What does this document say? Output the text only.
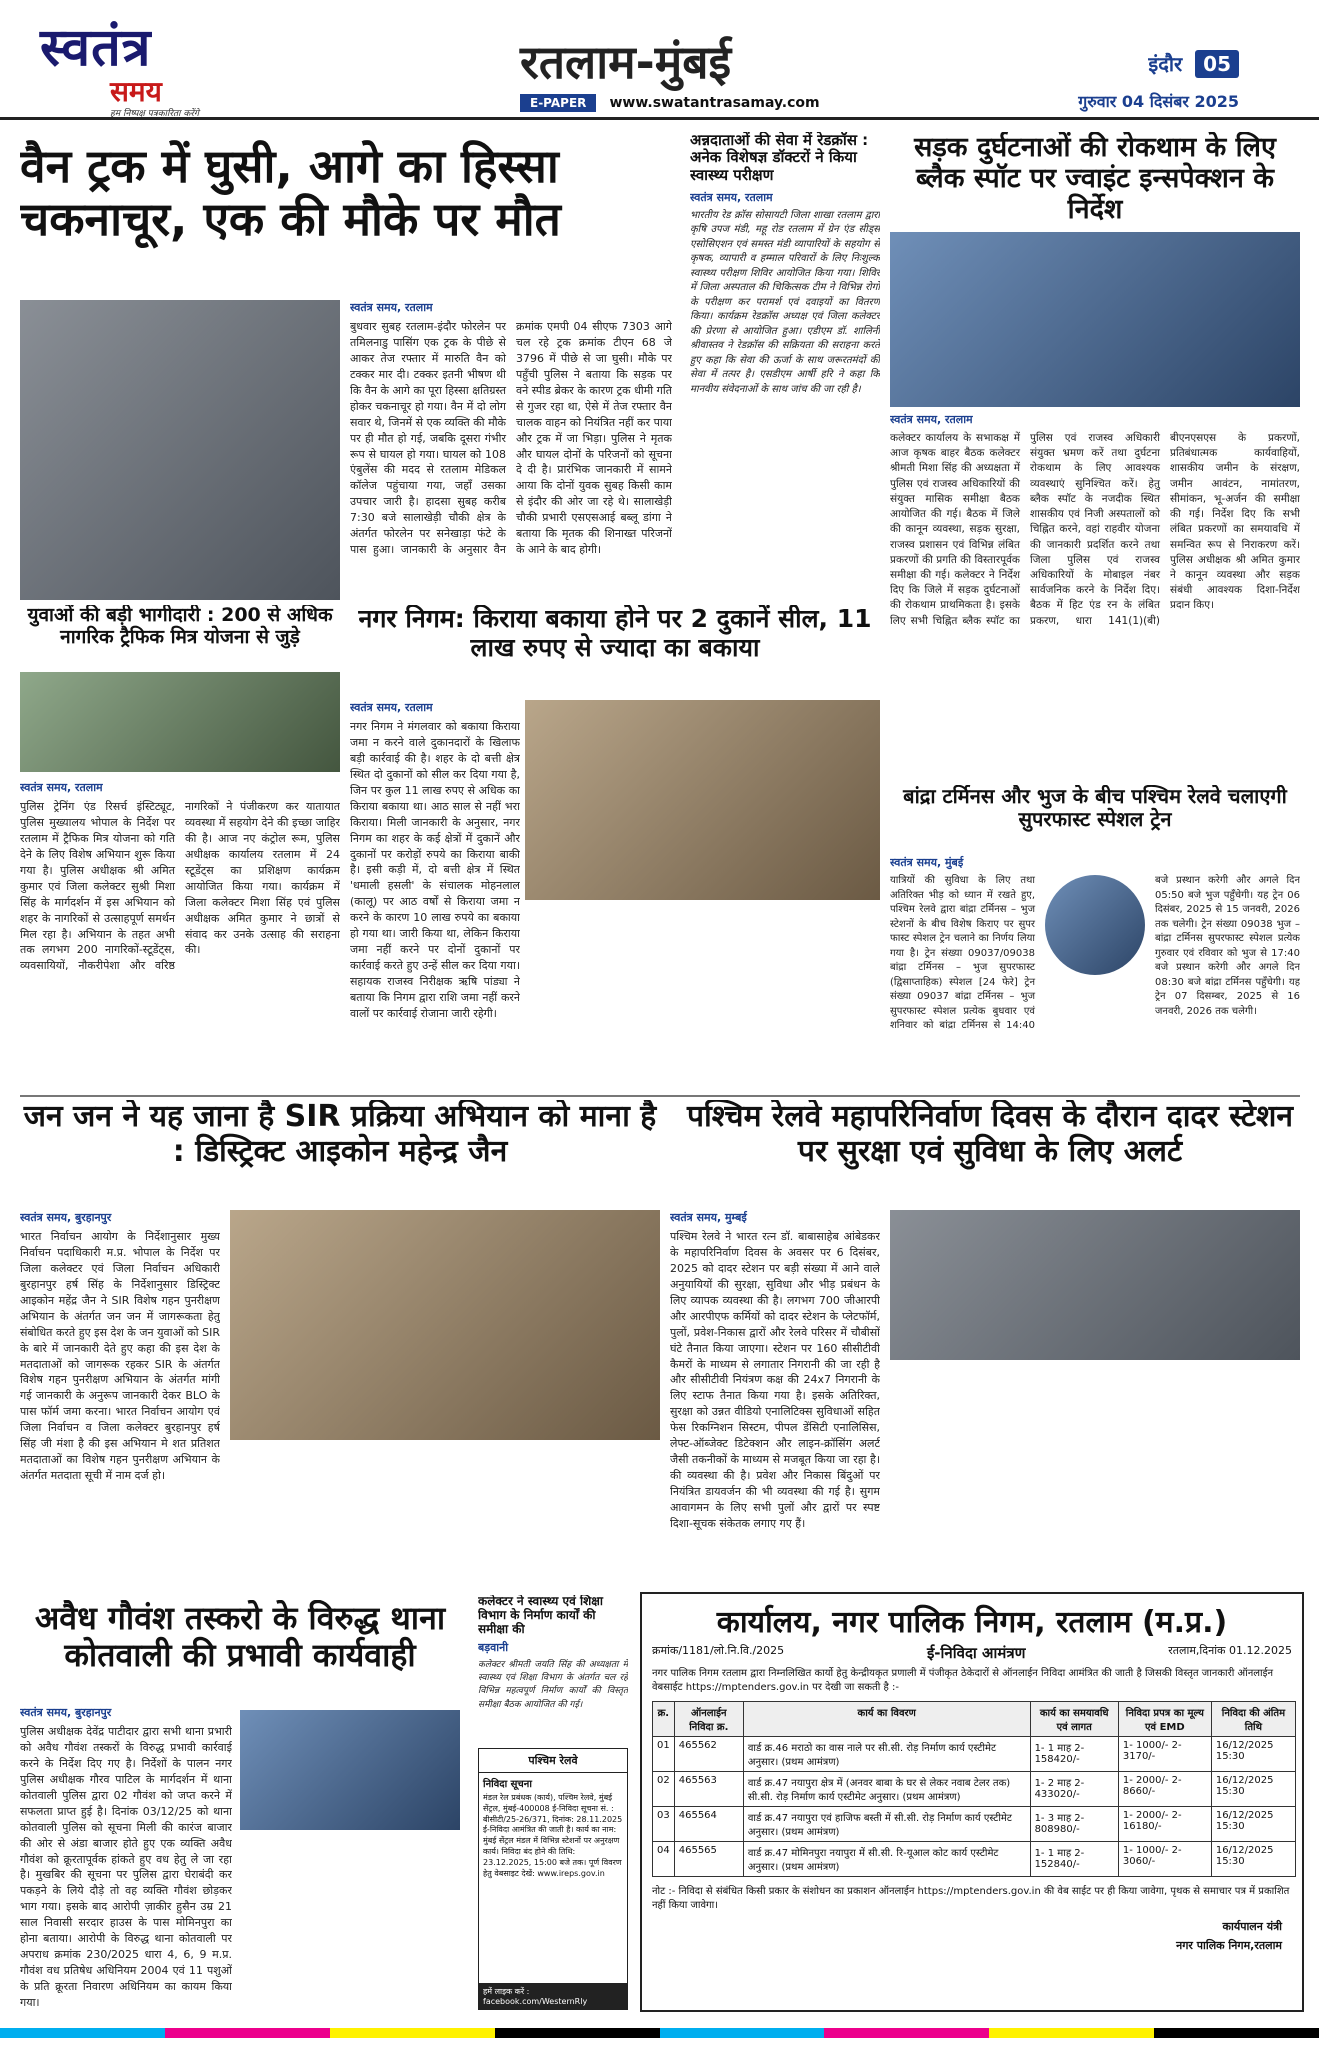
स्वतंत्र
समय
हम निष्पक्ष पत्रकारिता करेंगे
रतलाम-मुंबई
E-PAPER www.swatantrasamay.com
इंदौर 05
गुरुवार 04 दिसंबर 2025
वैन ट्रक में घुसी, आगे का हिस्सा चकनाचूर, एक की मौके पर मौत
स्वतंत्र समय, रतलाम
बुधवार सुबह रतलाम-इंदौर फोरलेन पर तमिलनाडु पासिंग एक ट्रक के पीछे से आकर तेज रफ्तार में मारुति वैन को टक्कर मार दी। टक्कर इतनी भीषण थी कि वैन के आगे का पूरा हिस्सा क्षतिग्रस्त होकर चकनाचूर हो गया। वैन में दो लोग सवार थे, जिनमें से एक व्यक्ति की मौके पर ही मौत हो गई, जबकि दूसरा गंभीर रूप से घायल हो गया। घायल को 108 एंबुलेंस की मदद से रतलाम मेडिकल कॉलेज पहुंचाया गया, जहाँ उसका उपचार जारी है। हादसा सुबह करीब 7:30 बजे सालाखेड़ी चौकी क्षेत्र के अंतर्गत फोरलेन पर सनेखाड़ा फंटे के पास हुआ। जानकारी के अनुसार वैन क्रमांक एमपी 04 सीएफ 7303 आगे चल रहे ट्रक क्रमांक टीएन 68 जे 3796 में पीछे से जा घुसी। मौके पर पहुँची पुलिस ने बताया कि सड़क पर वने स्पीड ब्रेकर के कारण ट्रक धीमी गति से गुजर रहा था, ऐसे में तेज रफ्तार वैन चालक वाहन को नियंत्रित नहीं कर पाया और ट्रक में जा भिड़ा। पुलिस ने मृतक और घायल दोनों के परिजनों को सूचना दे दी है। प्रारंभिक जानकारी में सामने आया कि दोनों युवक सुबह किसी काम से इंदौर की ओर जा रहे थे। सालाखेड़ी चौकी प्रभारी एसएसआई बब्लू डांगा ने बताया कि मृतक की शिनाख्त परिजनों के आने के बाद होगी।
अन्नदाताओं की सेवा में रेडक्रॉस : अनेक विशेषज्ञ डॉक्टरों ने किया स्वास्थ्य परीक्षण
स्वतंत्र समय, रतलाम
भारतीय रेड क्रॉस सोसायटी जिला शाखा रतलाम द्वारा कृषि उपज मंडी, महू रोड रतलाम में ग्रेन एंड सीड्स एसोसिएशन एवं समस्त मंडी व्यापारियों के सहयोग से कृषक, व्यापारी व हम्माल परिवारों के लिए निःशुल्क स्वास्थ्य परीक्षण शिविर आयोजित किया गया। शिविर में जिला अस्पताल की चिकित्सक टीम ने विभिन्न रोगों के परीक्षण कर परामर्श एवं दवाइयों का वितरण किया। कार्यक्रम रेडक्रॉस अध्यक्ष एवं जिला कलेक्टर की प्रेरणा से आयोजित हुआ। एडीएम डॉ. शालिनी श्रीवास्तव ने रेडक्रॉस की सक्रियता की सराहना करते हुए कहा कि सेवा की ऊर्जा के साथ जरूरतमंदों की सेवा में तत्पर है। एसडीएम आर्षी हरि ने कहा कि मानवीय संवेदनाओं के साथ जांच की जा रही है।
सड़क दुर्घटनाओं की रोकथाम के लिए ब्लैक स्पॉट पर ज्वाइंट इन्सपेक्शन के निर्देश
स्वतंत्र समय, रतलाम
कलेक्टर कार्यालय के सभाकक्ष में आज कृषक बाहर बैठक कलेक्टर श्रीमती मिशा सिंह की अध्यक्षता में पुलिस एवं राजस्व अधिकारियों की संयुक्त मासिक समीक्षा बैठक आयोजित की गई। बैठक में जिले की कानून व्यवस्था, सड़क सुरक्षा, राजस्व प्रशासन एवं विभिन्न लंबित प्रकरणों की प्रगति की विस्तारपूर्वक समीक्षा की गई। कलेक्टर ने निर्देश दिए कि जिले में सड़क दुर्घटनाओं की रोकथाम प्राथमिकता है। इसके लिए सभी चिह्नित ब्लैक स्पॉट का पुलिस एवं राजस्व अधिकारी संयुक्त भ्रमण करें तथा दुर्घटना रोकथाम के लिए आवश्यक व्यवस्थाएं सुनिश्चित करें। हेतु ब्लैक स्पॉट के नजदीक स्थित शासकीय एवं निजी अस्पतालों को चिह्नित करने, वहां राहवीर योजना की जानकारी प्रदर्शित करने तथा जिला पुलिस एवं राजस्व अधिकारियों के मोबाइल नंबर सार्वजनिक करने के निर्देश दिए। बैठक में हिट एंड रन के लंबित प्रकरण, धारा 141(1)(बी) बीएनएसएस के प्रकरणों, प्रतिबंधात्मक कार्यवाहियों, शासकीय जमीन के संरक्षण, जमीन आवंटन, नामांतरण, सीमांकन, भू-अर्जन की समीक्षा की गई। निर्देश दिए कि सभी लंबित प्रकरणों का समयावधि में समन्वित रूप से निराकरण करें। पुलिस अधीक्षक श्री अमित कुमार ने कानून व्यवस्था और सड़क संबंधी आवश्यक दिशा-निर्देश प्रदान किए।
युवाओं की बड़ी भागीदारी : 200 से अधिक नागरिक ट्रैफिक मित्र योजना से जुड़े
स्वतंत्र समय, रतलाम
पुलिस ट्रेनिंग एंड रिसर्च इंस्टिट्यूट, पुलिस मुख्यालय भोपाल के निर्देश पर रतलाम में ट्रैफिक मित्र योजना को गति देने के लिए विशेष अभियान शुरू किया गया है। पुलिस अधीक्षक श्री अमित कुमार एवं जिला कलेक्टर सुश्री मिशा सिंह के मार्गदर्शन में इस अभियान को शहर के नागरिकों से उत्साहपूर्ण समर्थन मिल रहा है। अभियान के तहत अभी तक लगभग 200 नागरिकों-स्टूडेंट्स, व्यवसायियों, नौकरीपेशा और वरिष्ठ नागरिकों ने पंजीकरण कर यातायात व्यवस्था में सहयोग देने की इच्छा जाहिर की है। आज नए कंट्रोल रूम, पुलिस अधीक्षक कार्यालय रतलाम में 24 स्टूडेंट्स का प्रशिक्षण कार्यक्रम आयोजित किया गया। कार्यक्रम में जिला कलेक्टर मिशा सिंह एवं पुलिस अधीक्षक अमित कुमार ने छात्रों से संवाद कर उनके उत्साह की सराहना की।
नगर निगम: किराया बकाया होने पर 2 दुकानें सील, 11 लाख रुपए से ज्यादा का बकाया
स्वतंत्र समय, रतलाम
नगर निगम ने मंगलवार को बकाया किराया जमा न करने वाले दुकानदारों के खिलाफ बड़ी कार्रवाई की है। शहर के दो बत्ती क्षेत्र स्थित दो दुकानों को सील कर दिया गया है, जिन पर कुल 11 लाख रुपए से अधिक का किराया बकाया था। आठ साल से नहीं भरा किराया। मिली जानकारी के अनुसार, नगर निगम का शहर के कई क्षेत्रों में दुकानें और दुकानों पर करोड़ों रुपये का किराया बाकी है। इसी कड़ी में, दो बत्ती क्षेत्र में स्थित 'धमाली हसली' के संचालक मोहनलाल (कालू) पर आठ वर्षों से किराया जमा न करने के कारण 10 लाख रुपये का बकाया हो गया था। जारी किया था, लेकिन किराया जमा नहीं करने पर दोनों दुकानों पर कार्रवाई करते हुए उन्हें सील कर दिया गया। सहायक राजस्व निरीक्षक ऋषि पांड्या ने बताया कि निगम द्वारा राशि जमा नहीं करने वालों पर कार्रवाई रोजाना जारी रहेगी।
बांद्रा टर्मिनस और भुज के बीच पश्चिम रेलवे चलाएगी सुपरफास्ट स्पेशल ट्रेन
स्वतंत्र समय, मुंबई
यात्रियों की सुविधा के लिए तथा अतिरिक्त भीड़ को ध्यान में रखते हुए, पश्चिम रेलवे द्वारा बांद्रा टर्मिनस – भुज स्टेशनों के बीच विशेष किराए पर सुपर फास्ट स्पेशल ट्रेन चलाने का निर्णय लिया गया है। ट्रेन संख्या 09037/09038 बांद्रा टर्मिनस – भुज सुपरफास्ट (द्विसाप्ताहिक) स्पेशल [24 फेरे] ट्रेन संख्या 09037 बांद्रा टर्मिनस – भुज सुपरफास्ट स्पेशल प्रत्येक बुधवार एवं शनिवार को बांद्रा टर्मिनस से 14:40 बजे प्रस्थान करेगी और अगले दिन 05:50 बजे भुज पहुँचेगी। यह ट्रेन 06 दिसंबर, 2025 से 15 जनवरी, 2026 तक चलेगी। ट्रेन संख्या 09038 भुज – बांद्रा टर्मिनस सुपरफास्ट स्पेशल प्रत्येक गुरुवार एवं रविवार को भुज से 17:40 बजे प्रस्थान करेगी और अगले दिन 08:30 बजे बांद्रा टर्मिनस पहुँचेगी। यह ट्रेन 07 दिसम्बर, 2025 से 16 जनवरी, 2026 तक चलेगी।
जन जन ने यह जाना है SIR प्रक्रिया अभियान को माना है : डिस्ट्रिक्ट आइकोन महेन्द्र जैन
स्वतंत्र समय, बुरहानपुर
भारत निर्वाचन आयोग के निर्देशानुसार मुख्य निर्वाचन पदाधिकारी म.प्र. भोपाल के निर्देश पर जिला कलेक्टर एवं जिला निर्वाचन अधिकारी बुरहानपुर हर्ष सिंह के निर्देशानुसार डिस्ट्रिक्ट आइकोन महेंद्र जैन ने SIR विशेष गहन पुनरीक्षण अभियान के अंतर्गत जन जन में जागरूकता हेतु संबोधित करते हुए इस देश के जन युवाओं को SIR के बारे में जानकारी देते हुए कहा की इस देश के मतदाताओं को जागरूक रहकर SIR के अंतर्गत विशेष गहन पुनरीक्षण अभियान के अंतर्गत मांगी गई जानकारी के अनुरूप जानकारी देकर BLO के पास फॉर्म जमा करना। भारत निर्वाचन आयोग एवं जिला निर्वाचन व जिला कलेक्टर बुरहानपुर हर्ष सिंह जी मंशा है की इस अभियान मे शत प्रतिशत मतदाताओं का विशेष गहन पुनरीक्षण अभियान के अंतर्गत मतदाता सूची में नाम दर्ज हो।
पश्चिम रेलवे महापरिनिर्वाण दिवस के दौरान दादर स्टेशन पर सुरक्षा एवं सुविधा के लिए अलर्ट
स्वतंत्र समय, मुम्बई
पश्चिम रेलवे ने भारत रत्न डॉ. बाबासाहेब आंबेडकर के महापरिनिर्वाण दिवस के अवसर पर 6 दिसंबर, 2025 को दादर स्टेशन पर बड़ी संख्या में आने वाले अनुयायियों की सुरक्षा, सुविधा और भीड़ प्रबंधन के लिए व्यापक व्यवस्था की है। लगभग 700 जीआरपी और आरपीएफ कर्मियों को दादर स्टेशन के प्लेटफॉर्म, पुलों, प्रवेश-निकास द्वारों और रेलवे परिसर में चौबीसों घंटे तैनात किया जाएगा। स्टेशन पर 160 सीसीटीवी कैमरों के माध्यम से लगातार निगरानी की जा रही है और सीसीटीवी नियंत्रण कक्ष की 24x7 निगरानी के लिए स्टाफ तैनात किया गया है। इसके अतिरिक्त, सुरक्षा को उन्नत वीडियो एनालिटिक्स सुविधाओं सहित फेस रिकग्निशन सिस्टम, पीपल डेंसिटी एनालिसिस, लेफ्ट-ऑब्जेक्ट डिटेक्शन और लाइन-क्रॉसिंग अलर्ट जैसी तकनीकों के माध्यम से मजबूत किया जा रहा है। की व्यवस्था की है। प्रवेश और निकास बिंदुओं पर नियंत्रित डायवर्जन की भी व्यवस्था की गई है। सुगम आवागमन के लिए सभी पुलों और द्वारों पर स्पष्ट दिशा-सूचक संकेतक लगाए गए हैं।
अवैध गौवंश तस्करो के विरुद्ध थाना कोतवाली की प्रभावी कार्यवाही
स्वतंत्र समय, बुरहानपुर
पुलिस अधीक्षक देवेंद्र पाटीदार द्वारा सभी थाना प्रभारी को अवैध गौवंश तस्करों के विरुद्ध प्रभावी कार्रवाई करने के निर्देश दिए गए है। निर्देशों के पालन नगर पुलिस अधीक्षक गौरव पाटिल के मार्गदर्शन में थाना कोतवाली पुलिस द्वारा 02 गौवंश को जप्त करने में सफलता प्राप्त हुई है। दिनांक 03/12/25 को थाना कोतवाली पुलिस को सूचना मिली की कारंज बाजार की ओर से अंडा बाजार होते हुए एक व्यक्ति अवैध गौवंश को क्रूरतापूर्वक हांकते हुए वध हेतु ले जा रहा है। मुखबिर की सूचना पर पुलिस द्वारा घेराबंदी कर पकड़ने के लिये दौड़े तो वह व्यक्ति गौवंश छोड़कर भाग गया। इसके बाद आरोपी ज़ाकीर हुसैन उम्र 21 साल निवासी सरदार हाउस के पास मोमिनपुरा का होना बताया। आरोपी के विरुद्ध थाना कोतवाली पर अपराध क्रमांक 230/2025 धारा 4, 6, 9 म.प्र. गौवंश वध प्रतिषेध अधिनियम 2004 एवं 11 पशुओं के प्रति क्रूरता निवारण अधिनियम का कायम किया गया।
कलेक्टर ने स्वास्थ्य एवं शिक्षा विभाग के निर्माण कार्यों की समीक्षा की
बड़वानी
कलेक्टर श्रीमती जयति सिंह की अध्यक्षता में स्वास्थ्य एवं शिक्षा विभाग के अंतर्गत चल रहे विभिन्न महत्वपूर्ण निर्माण कार्यों की विस्तृत समीक्षा बैठक आयोजित की गई।
पश्चिम रेलवे
निविदा सूचना
मंडल रेल प्रबंधक (कार्य), पश्चिम रेलवे, मुंबई सेंट्रल, मुंबई-400008 ई-निविदा सूचना सं. : बीसीटी/25-26/371, दिनांक: 28.11.2025 ई-निविदा आमंत्रित की जाती है। कार्य का नाम: मुंबई सेंट्रल मंडल में विभिन्न स्टेशनों पर अनुरक्षण कार्य। निविदा बंद होने की तिथि: 23.12.2025, 15:00 बजे तक। पूर्ण विवरण हेतु वेबसाइट देखें: www.ireps.gov.in
हमें लाइक करें : facebook.com/WesternRly
कार्यालय, नगर पालिक निगम, रतलाम (म.प्र.)
क्रमांक/1181/लो.नि.वि./2025	ई-निविदा आमंत्रण	रतलाम,दिनांक 01.12.2025
नगर पालिक निगम रतलाम द्वारा निम्नलिखित कार्यो हेतु केन्द्रीयकृत प्रणाली में पंजीकृत ठेकेदारों से ऑनलाईन निविदा आमंत्रित की जाती है जिसकी विस्तृत जानकारी ऑनलाईन वेबसाईट https://mptenders.gov.in पर देखी जा सकती है :-
क्र.	ऑनलाईन निविदा क्र.	कार्य का विवरण	कार्य का समयावधि एवं लागत	निविदा प्रपत्र का मूल्य एवं EMD	निविदा की अंतिम तिथि
01	465562	वार्ड क्र.46 मराठो का वास नाले पर सी.सी. रोड़ निर्माण कार्य एस्टीमेट अनुसार। (प्रथम आमंत्रण)	1- 1 माह 2- 158420/-	1- 1000/- 2- 3170/-	16/12/2025 15:30
02	465563	वार्ड क्र.47 नयापुरा क्षेत्र में (अनवर बाबा के घर से लेकर नवाब टेलर तक) सी.सी. रोड़ निर्माण कार्य एस्टीमेट अनुसार। (प्रथम आमंत्रण)	1- 2 माह 2- 433020/-	1- 2000/- 2- 8660/-	16/12/2025 15:30
03	465564	वार्ड क्र.47 नयापुरा एवं हाजिफ बस्ती में सी.सी. रोड़ निर्माण कार्य एस्टीमेट अनुसार। (प्रथम आमंत्रण)	1- 3 माह 2- 808980/-	1- 2000/- 2- 16180/-	16/12/2025 15:30
04	465565	वार्ड क्र.47 मोमिनपुरा नयापुरा में सी.सी. रि-यूआल कोट कार्य एस्टीमेट अनुसार। (प्रथम आमंत्रण)	1- 1 माह 2- 152840/-	1- 1000/- 2- 3060/-	16/12/2025 15:30
नोट :- निविदा से संबंधित किसी प्रकार के संशोधन का प्रकाशन ऑनलाईन https://mptenders.gov.in की वेब साईट पर ही किया जावेगा, पृथक से समाचार पत्र में प्रकाशित नहीं किया जावेगा।
कार्यपालन यंत्री
नगर पालिक निगम,रतलाम
